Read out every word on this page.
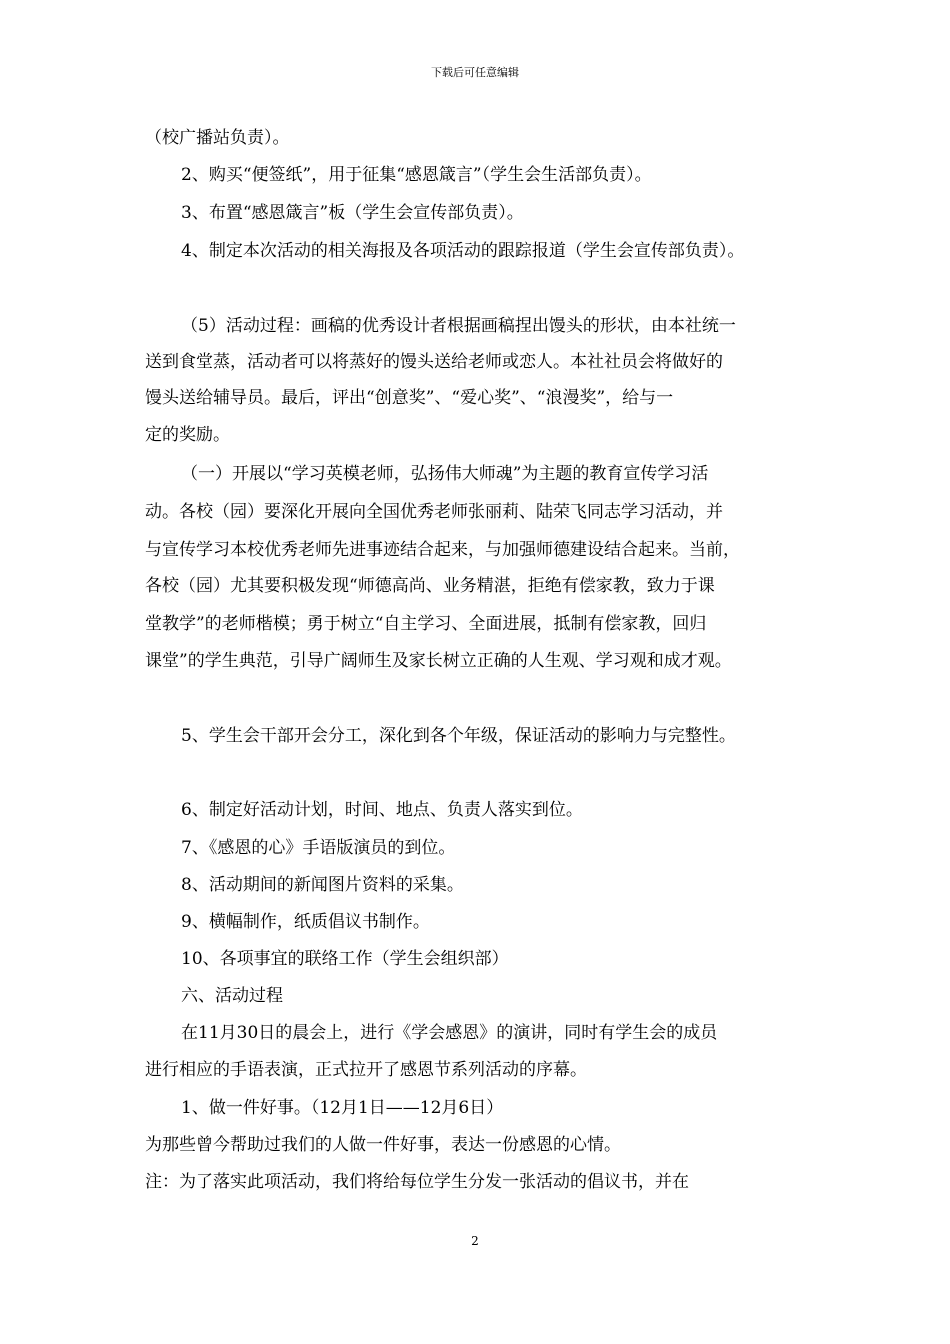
下载后可任意编辑
（校广播站负责）。
2、购买“便签纸”，用于征集“感恩箴言”（学生会生活部负责）。
3、布置“感恩箴言”板（学生会宣传部负责）。
4、制定本次活动的相关海报及各项活动的跟踪报道（学生会宣传部负责）。
（5）活动过程：画稿的优秀设计者根据画稿捏出馒头的形状，由本社统一
送到食堂蒸，活动者可以将蒸好的馒头送给老师或恋人。本社社员会将做好的
馒头送给辅导员。最后，评出“创意奖”、“爱心奖”、“浪漫奖”，给与一
定的奖励。
（一）开展以“学习英模老师，弘扬伟大师魂”为主题的教育宣传学习活
动。各校（园）要深化开展向全国优秀老师张丽莉、陆荣飞同志学习活动，并
与宣传学习本校优秀老师先进事迹结合起来，与加强师德建设结合起来。当前，
各校（园）尤其要积极发现“师德高尚、业务精湛，拒绝有偿家教，致力于课
堂教学”的老师楷模；勇于树立“自主学习、全面进展，抵制有偿家教，回归
课堂”的学生典范，引导广阔师生及家长树立正确的人生观、学习观和成才观。
5、学生会干部开会分工，深化到各个年级，保证活动的影响力与完整性。
6、制定好活动计划，时间、地点、负责人落实到位。
7、《感恩的心》手语版演员的到位。
8、活动期间的新闻图片资料的采集。
9、横幅制作，纸质倡议书制作。
10、各项事宜的联络工作（学生会组织部）
六、活动过程
在11月30日的晨会上，进行《学会感恩》的演讲，同时有学生会的成员
进行相应的手语表演，正式拉开了感恩节系列活动的序幕。
1、做一件好事。（12月1日——12月6日）
为那些曾今帮助过我们的人做一件好事，表达一份感恩的心情。
注：为了落实此项活动，我们将给每位学生分发一张活动的倡议书，并在
2
